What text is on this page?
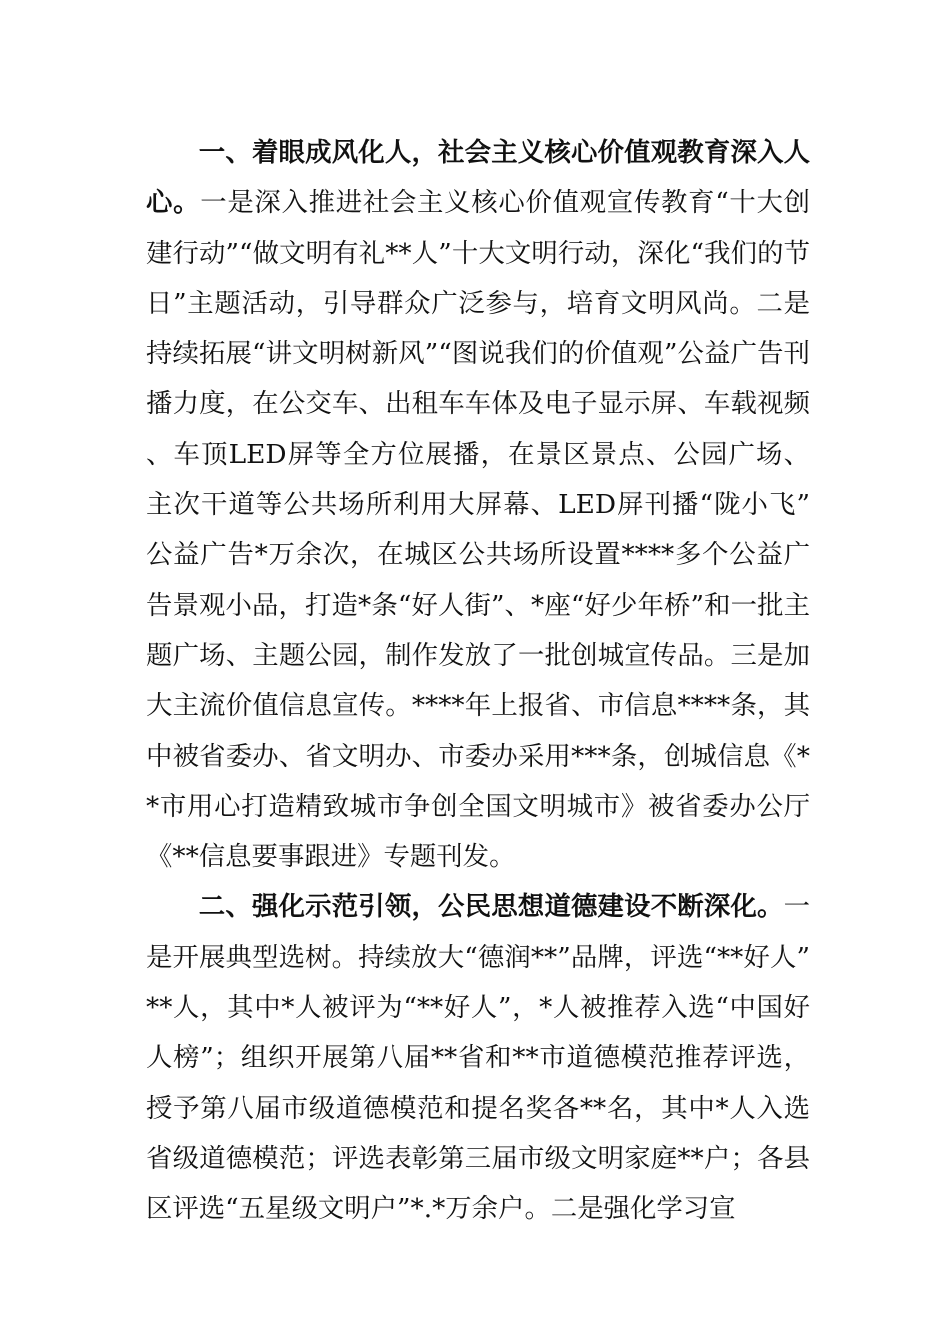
一、着眼成风化人，社会主义核心价值观教育深入人心。一是深入推进社会主义核心价值观宣传教育“十大创建行动”“做文明有礼**人”十大文明行动，深化“我们的节日”主题活动，引导群众广泛参与，培育文明风尚。二是持续拓展“讲文明树新风”“图说我们的价值观”公益广告刊播力度，在公交车、出租车车体及电子显示屏、车载视频、车顶LED屏等全方位展播，在景区景点、公园广场、主次干道等公共场所利用大屏幕、LED屏刊播“陇小飞”公益广告*万余次，在城区公共场所设置****多个公益广告景观小品，打造*条“好人街”、*座“好少年桥”和一批主题广场、主题公园，制作发放了一批创城宣传品。三是加大主流价值信息宣传。****年上报省、市信息****条，其中被省委办、省文明办、市委办采用***条，创城信息《**市用心打造精致城市争创全国文明城市》被省委办公厅《**信息要事跟进》专题刊发。

二、强化示范引领，公民思想道德建设不断深化。一是开展典型选树。持续放大“德润**”品牌，评选“**好人”**人，其中*人被评为“**好人”，*人被推荐入选“中国好人榜”；组织开展第八届**省和**市道德模范推荐评选，授予第八届市级道德模范和提名奖各**名，其中*人入选省级道德模范；评选表彰第三届市级文明家庭**户；各县区评选“五星级文明户”*.*万余户。二是强化学习宣
